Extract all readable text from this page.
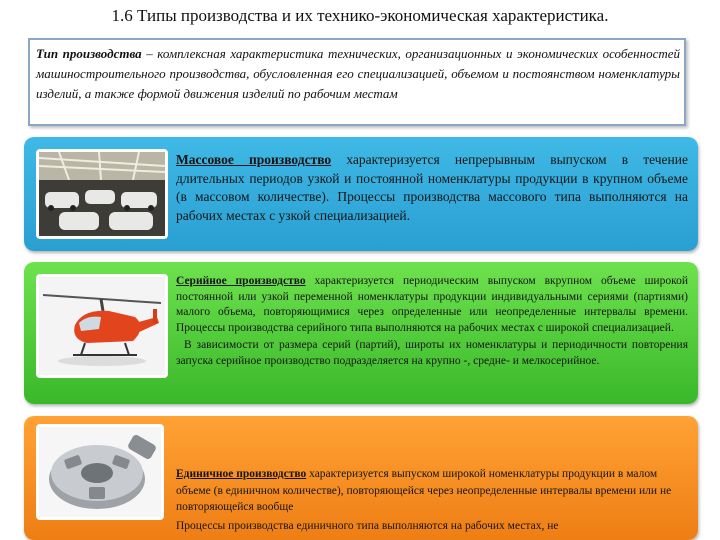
1.6 Типы производства и их технико-экономическая характеристика.
Тип производства – комплексная характеристика технических, организационных и экономических особенностей машиностроительного производства, обусловленная его специализацией, объемом и постоянством номенклатуры изделий, а также формой движения изделий по рабочим местам
Массовое производство характеризуется непрерывным выпуском в течение длительных периодов узкой и постоянной номенклатуры продукции в крупном объеме (в массовом количестве). Процессы производства массового типа выполняются на рабочих местах с узкой специализацией.
Серийное производство характеризуется периодическим выпуском вкрупном объеме широкой постоянной или узкой переменной номенклатуры продукции индивидуальными сериями (партиями) малого объема, повторяющимися через определенные или неопределенные интервалы времени. Процессы производства серийного типа выполняются на рабочих местах с широкой специализацией.
В зависимости от размера серий (партий), широты их номенклатуры и периодичности повторения запуска серийное производство подразделяется на крупно -, средне- и мелкосерийное.
Единичное производство характеризуется выпуском широкой номенклатуры продукции в малом объеме (в единичном количестве), повторяющейся через неопределенные интервалы времени или не повторяющейся вообще
Процессы производства единичного типа выполняются на рабочих местах, не
